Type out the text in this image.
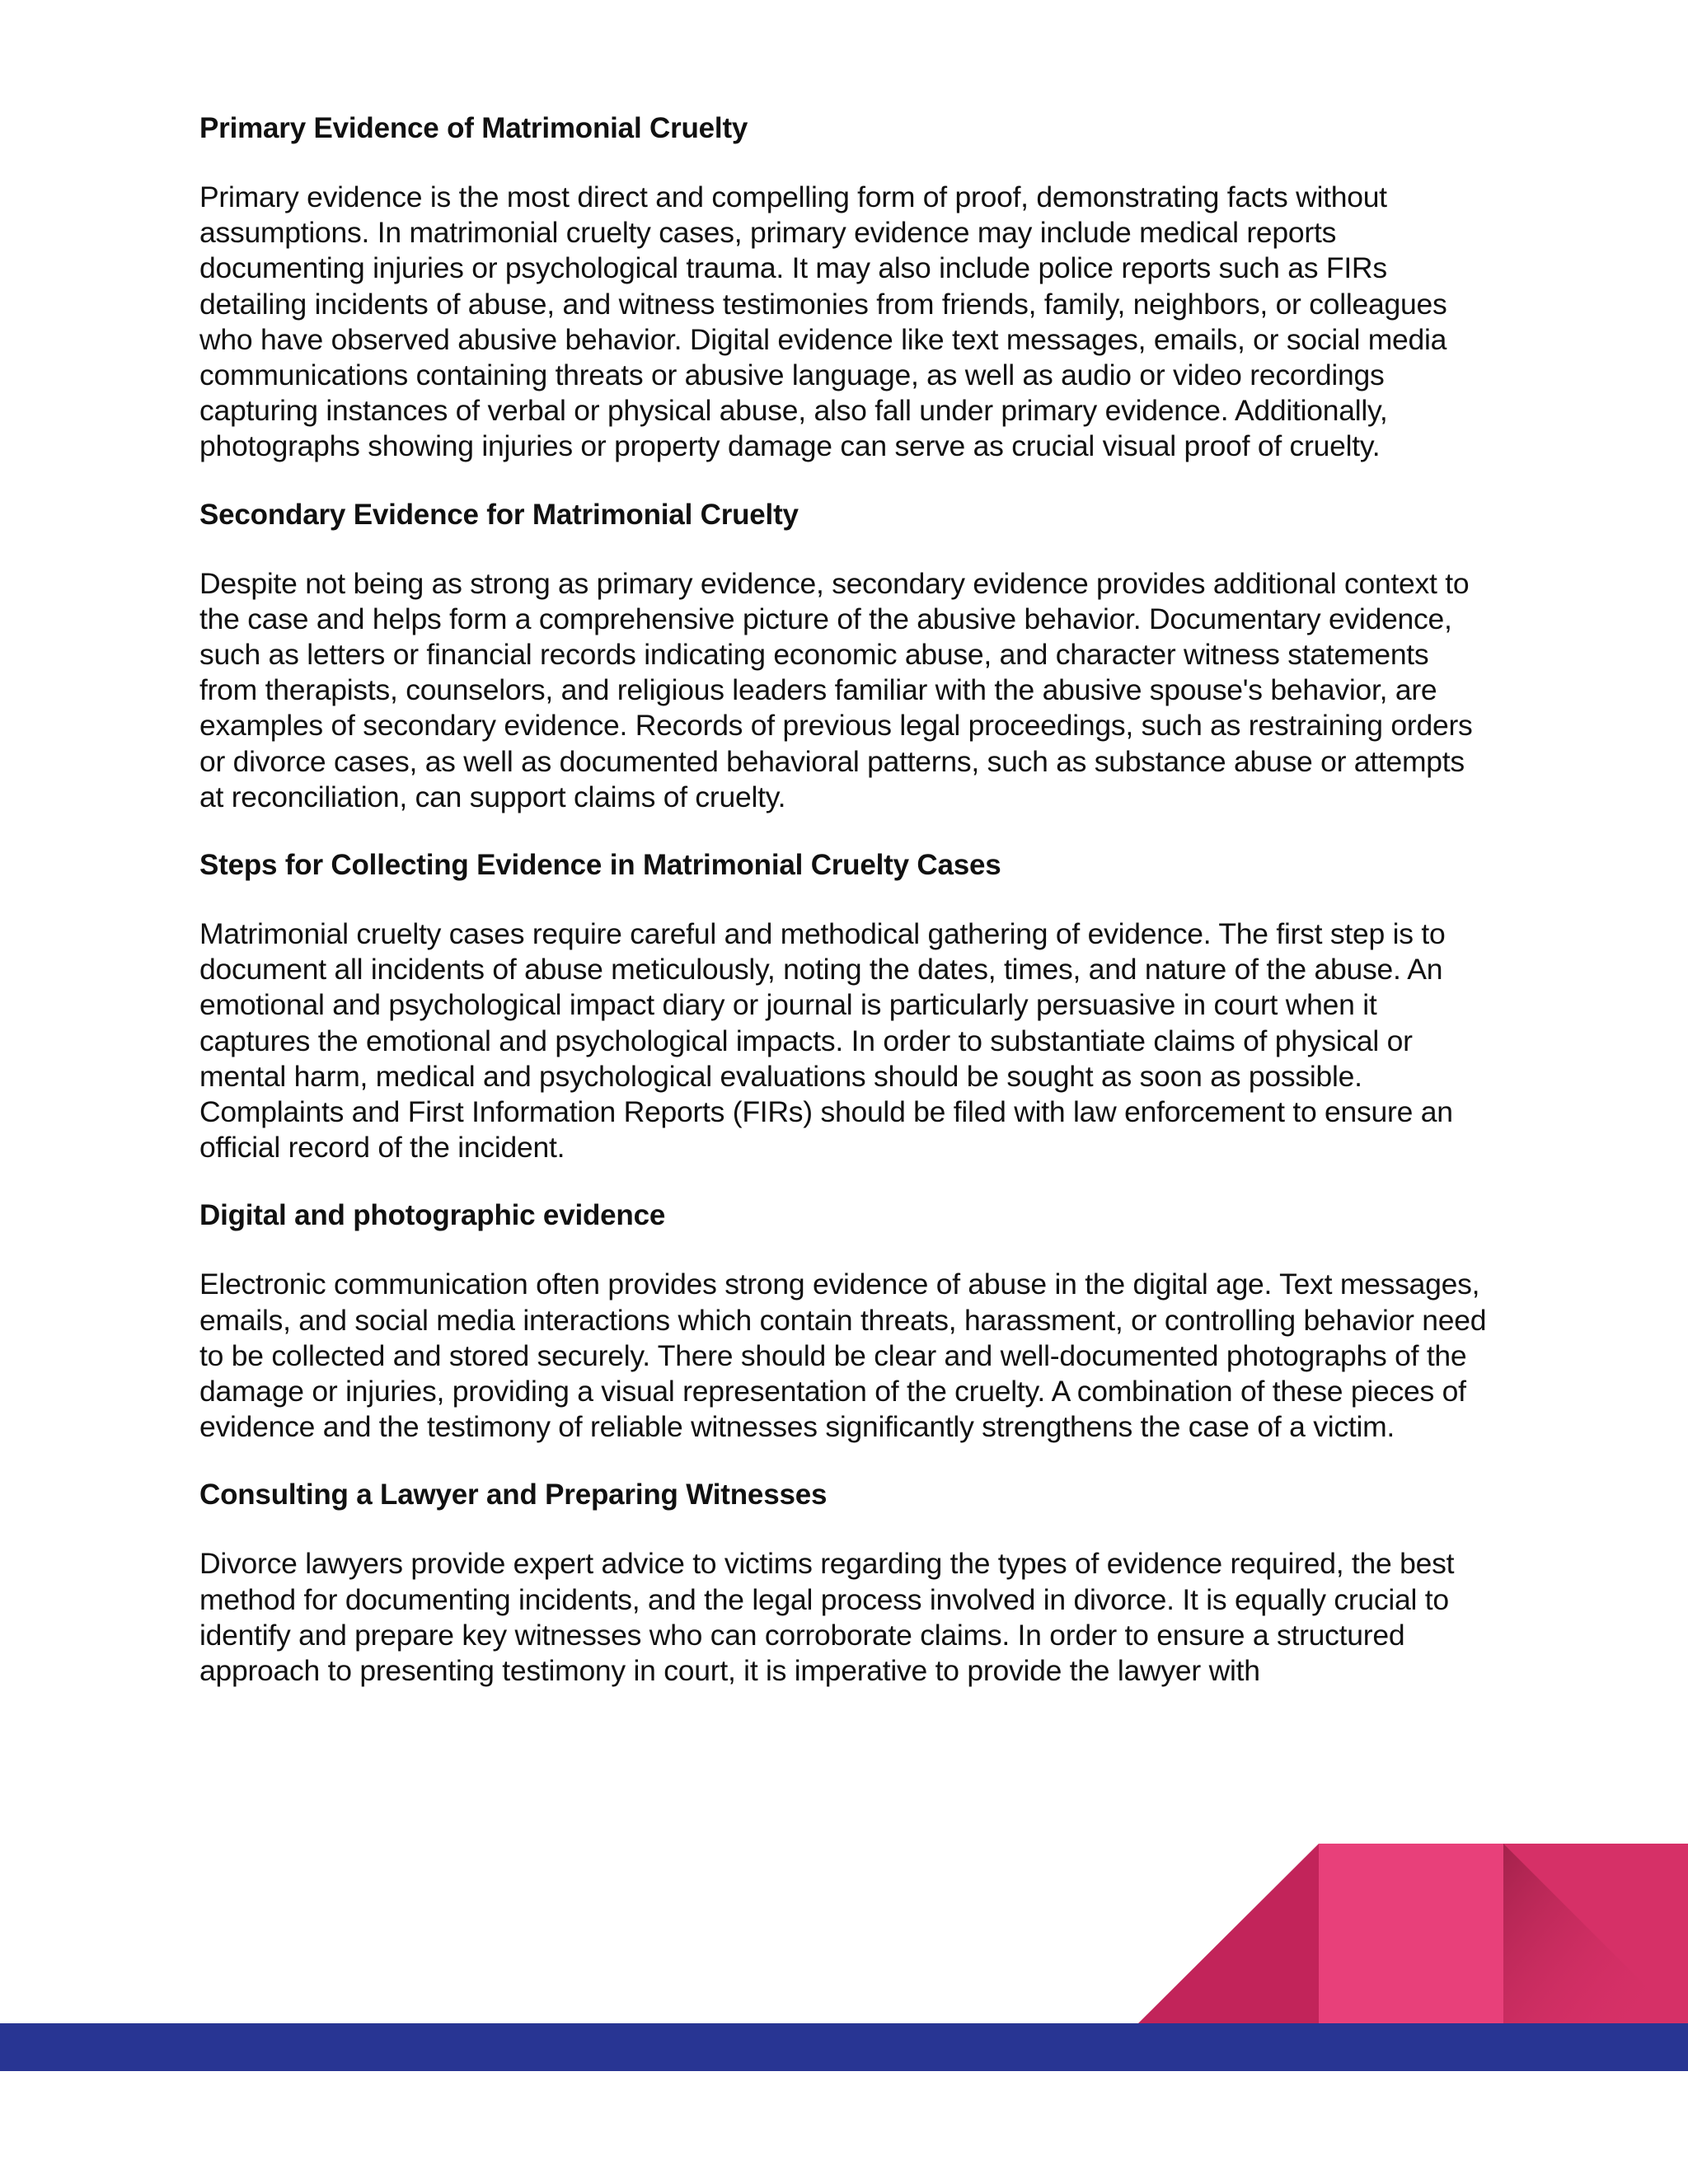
Primary Evidence of Matrimonial Cruelty
Primary evidence is the most direct and compelling form of proof, demonstrating facts without assumptions. In matrimonial cruelty cases, primary evidence may include medical reports documenting injuries or psychological trauma. It may also include police reports such as FIRs detailing incidents of abuse, and witness testimonies from friends, family, neighbors, or colleagues who have observed abusive behavior. Digital evidence like text messages, emails, or social media communications containing threats or abusive language, as well as audio or video recordings capturing instances of verbal or physical abuse, also fall under primary evidence. Additionally, photographs showing injuries or property damage can serve as crucial visual proof of cruelty.
Secondary Evidence for Matrimonial Cruelty
Despite not being as strong as primary evidence, secondary evidence provides additional context to the case and helps form a comprehensive picture of the abusive behavior. Documentary evidence, such as letters or financial records indicating economic abuse, and character witness statements from therapists, counselors, and religious leaders familiar with the abusive spouse's behavior, are examples of secondary evidence. Records of previous legal proceedings, such as restraining orders or divorce cases, as well as documented behavioral patterns, such as substance abuse or attempts at reconciliation, can support claims of cruelty.
Steps for Collecting Evidence in Matrimonial Cruelty Cases
Matrimonial cruelty cases require careful and methodical gathering of evidence. The first step is to document all incidents of abuse meticulously, noting the dates, times, and nature of the abuse. An emotional and psychological impact diary or journal is particularly persuasive in court when it captures the emotional and psychological impacts. In order to substantiate claims of physical or mental harm, medical and psychological evaluations should be sought as soon as possible. Complaints and First Information Reports (FIRs) should be filed with law enforcement to ensure an official record of the incident.
Digital and photographic evidence
Electronic communication often provides strong evidence of abuse in the digital age. Text messages, emails, and social media interactions which contain threats, harassment, or controlling behavior need to be collected and stored securely. There should be clear and well-documented photographs of the damage or injuries, providing a visual representation of the cruelty. A combination of these pieces of evidence and the testimony of reliable witnesses significantly strengthens the case of a victim.
Consulting a Lawyer and Preparing Witnesses
Divorce lawyers provide expert advice to victims regarding the types of evidence required, the best method for documenting incidents, and the legal process involved in divorce. It is equally crucial to identify and prepare key witnesses who can corroborate claims. In order to ensure a structured approach to presenting testimony in court, it is imperative to provide the lawyer with
